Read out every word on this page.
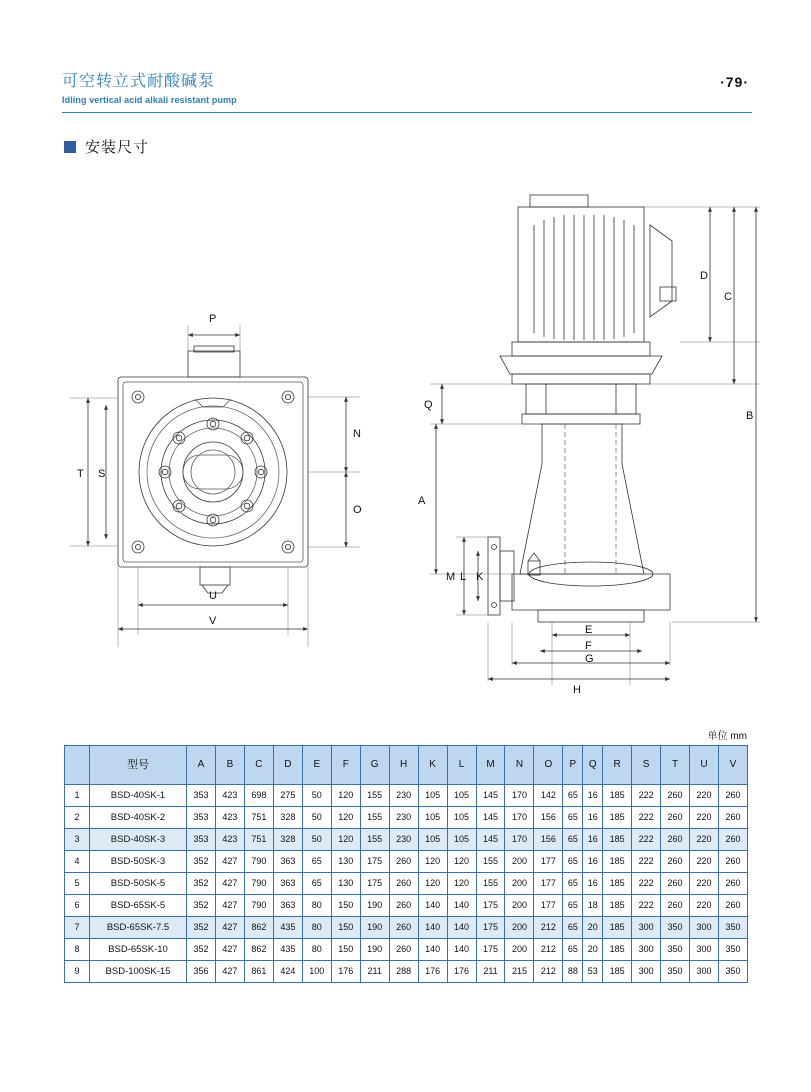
可空转立式耐酸碱泵
Idling vertical acid alkali resistant pump
·79·
安装尺寸
P
N
O
T S
U
V
D
C
B
Q
A
M L K
E
F
G
H
单位 mm
	型号	A	B	C	D	E	F	G	H	K	L	M	N	O	P	Q	R	S	T	U	V
1	BSD-40SK-1	353	423	698	275	50	120	155	230	105	105	145	170	142	65	16	185	222	260	220	260
2	BSD-40SK-2	353	423	751	328	50	120	155	230	105	105	145	170	156	65	16	185	222	260	220	260
3	BSD-40SK-3	353	423	751	328	50	120	155	230	105	105	145	170	156	65	16	185	222	260	220	260
4	BSD-50SK-3	352	427	790	363	65	130	175	260	120	120	155	200	177	65	16	185	222	260	220	260
5	BSD-50SK-5	352	427	790	363	65	130	175	260	120	120	155	200	177	65	16	185	222	260	220	260
6	BSD-65SK-5	352	427	790	363	80	150	190	260	140	140	175	200	177	65	18	185	222	260	220	260
7	BSD-65SK-7.5	352	427	862	435	80	150	190	260	140	140	175	200	212	65	20	185	300	350	300	350
8	BSD-65SK-10	352	427	862	435	80	150	190	260	140	140	175	200	212	65	20	185	300	350	300	350
9	BSD-100SK-15	356	427	861	424	100	176	211	288	176	176	211	215	212	88	53	185	300	350	300	350
